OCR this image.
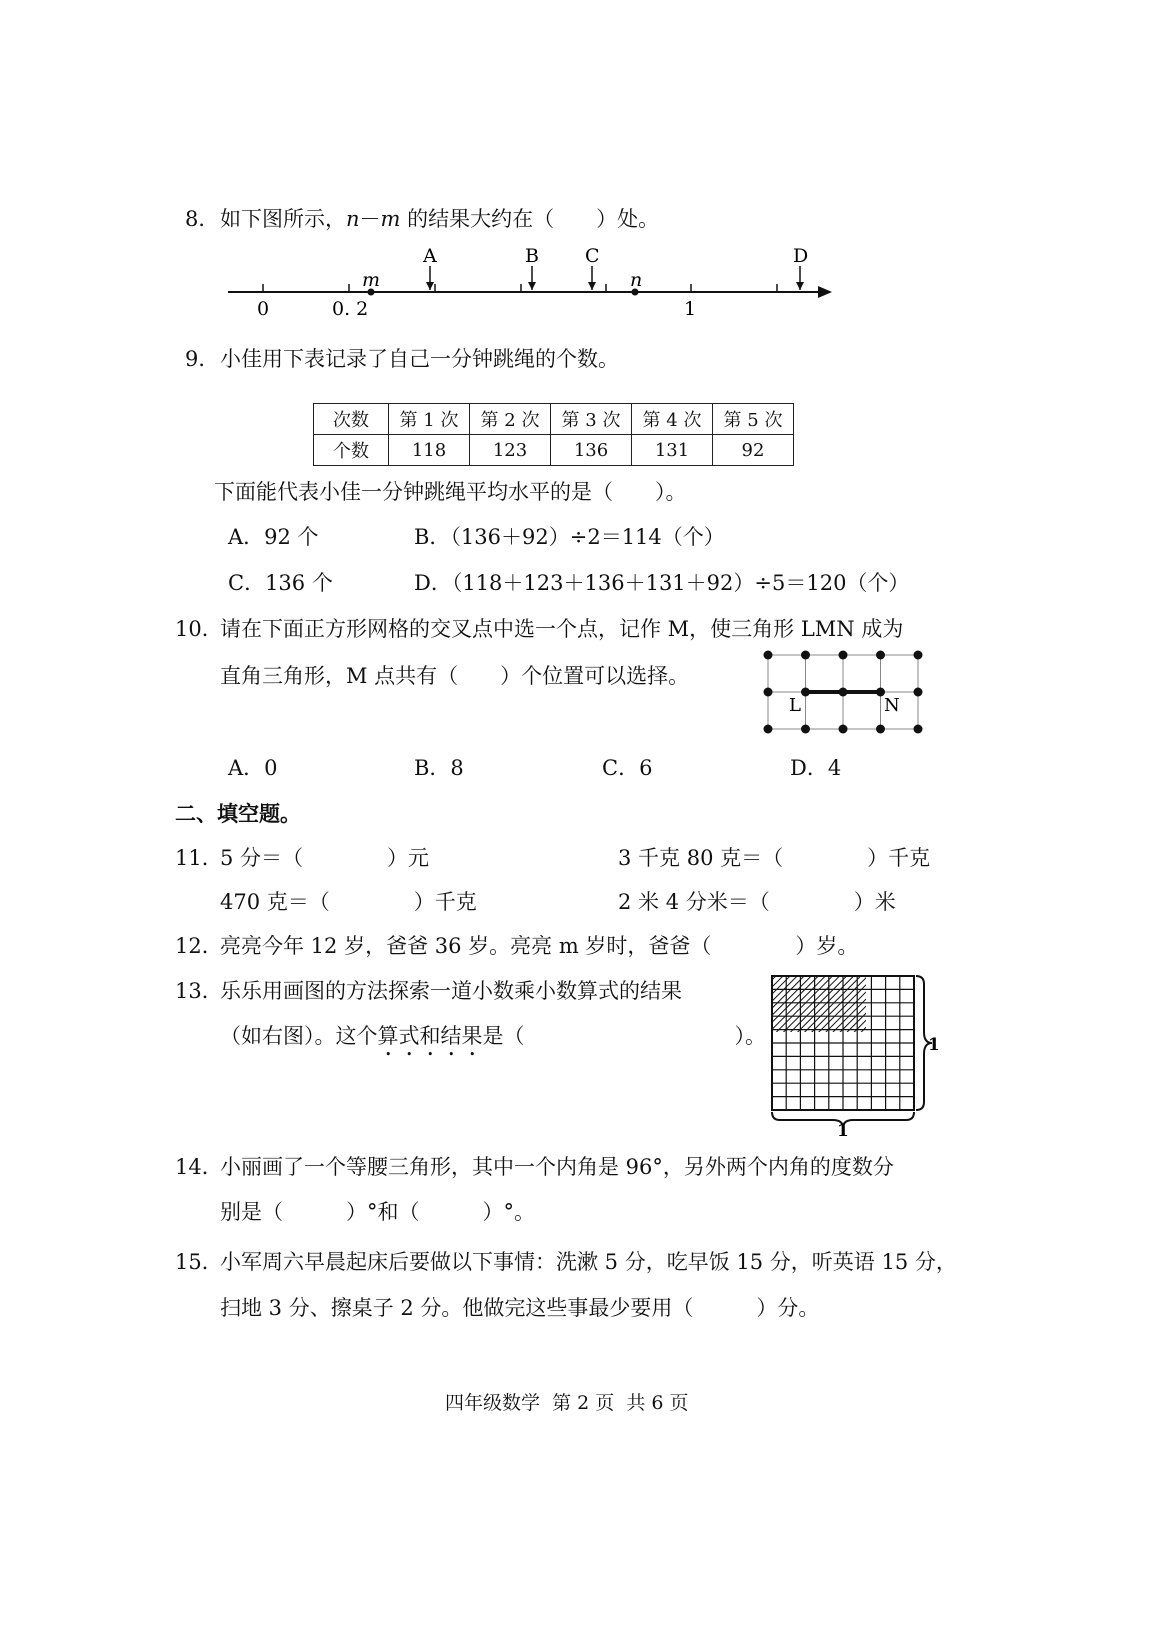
8． 如下图所示，n－m 的结果大约在（　　）处。
0	0. 2	1
m	n
A	B C	D
9． 小佳用下表记录了自己一分钟跳绳的个数。
次数	第 1 次	第 2 次	第 3 次	第 4 次	第 5 次
个数	118	123	136	131	92
下面能代表小佳一分钟跳绳平均水平的是（　　）。
A．92 个	B．（136＋92）÷2＝114（个）
C．136 个	D．（118＋123＋136＋131＋92）÷5＝120（个）
10．
请在下面正方形网格的交叉点中选一个点，记作 M，使三角形 LMN 成为
直角三角形，M 点共有（　　）个位置可以选择。
L	N
A．0	B．8	C．6	D．4
二、填空题。
11．
5 分＝（　　　　）元	3 千克 80 克＝（　　　　）千克
470 克＝（　　　　）千克	2 米 4 分米＝（　　　　）米
12．
亮亮今年 12 岁，爸爸 36 岁。亮亮 m 岁时，爸爸（　　　　）岁。
13．
乐乐用画图的方法探索一道小数乘小数算式的结果
（如右图）。这个算式和结果是（　　　　　　　　　　）。	1
1
14．
小丽画了一个等腰三角形，其中一个内角是 96°，另外两个内角的度数分
别是（　　　）°和（　　　）°。
15．
小军周六早晨起床后要做以下事情：洗漱 5 分，吃早饭 15 分，听英语 15 分，
扫地 3 分、擦桌子 2 分。他做完这些事最少要用（　　　）分。
四年级数学  第 2 页  共 6 页
